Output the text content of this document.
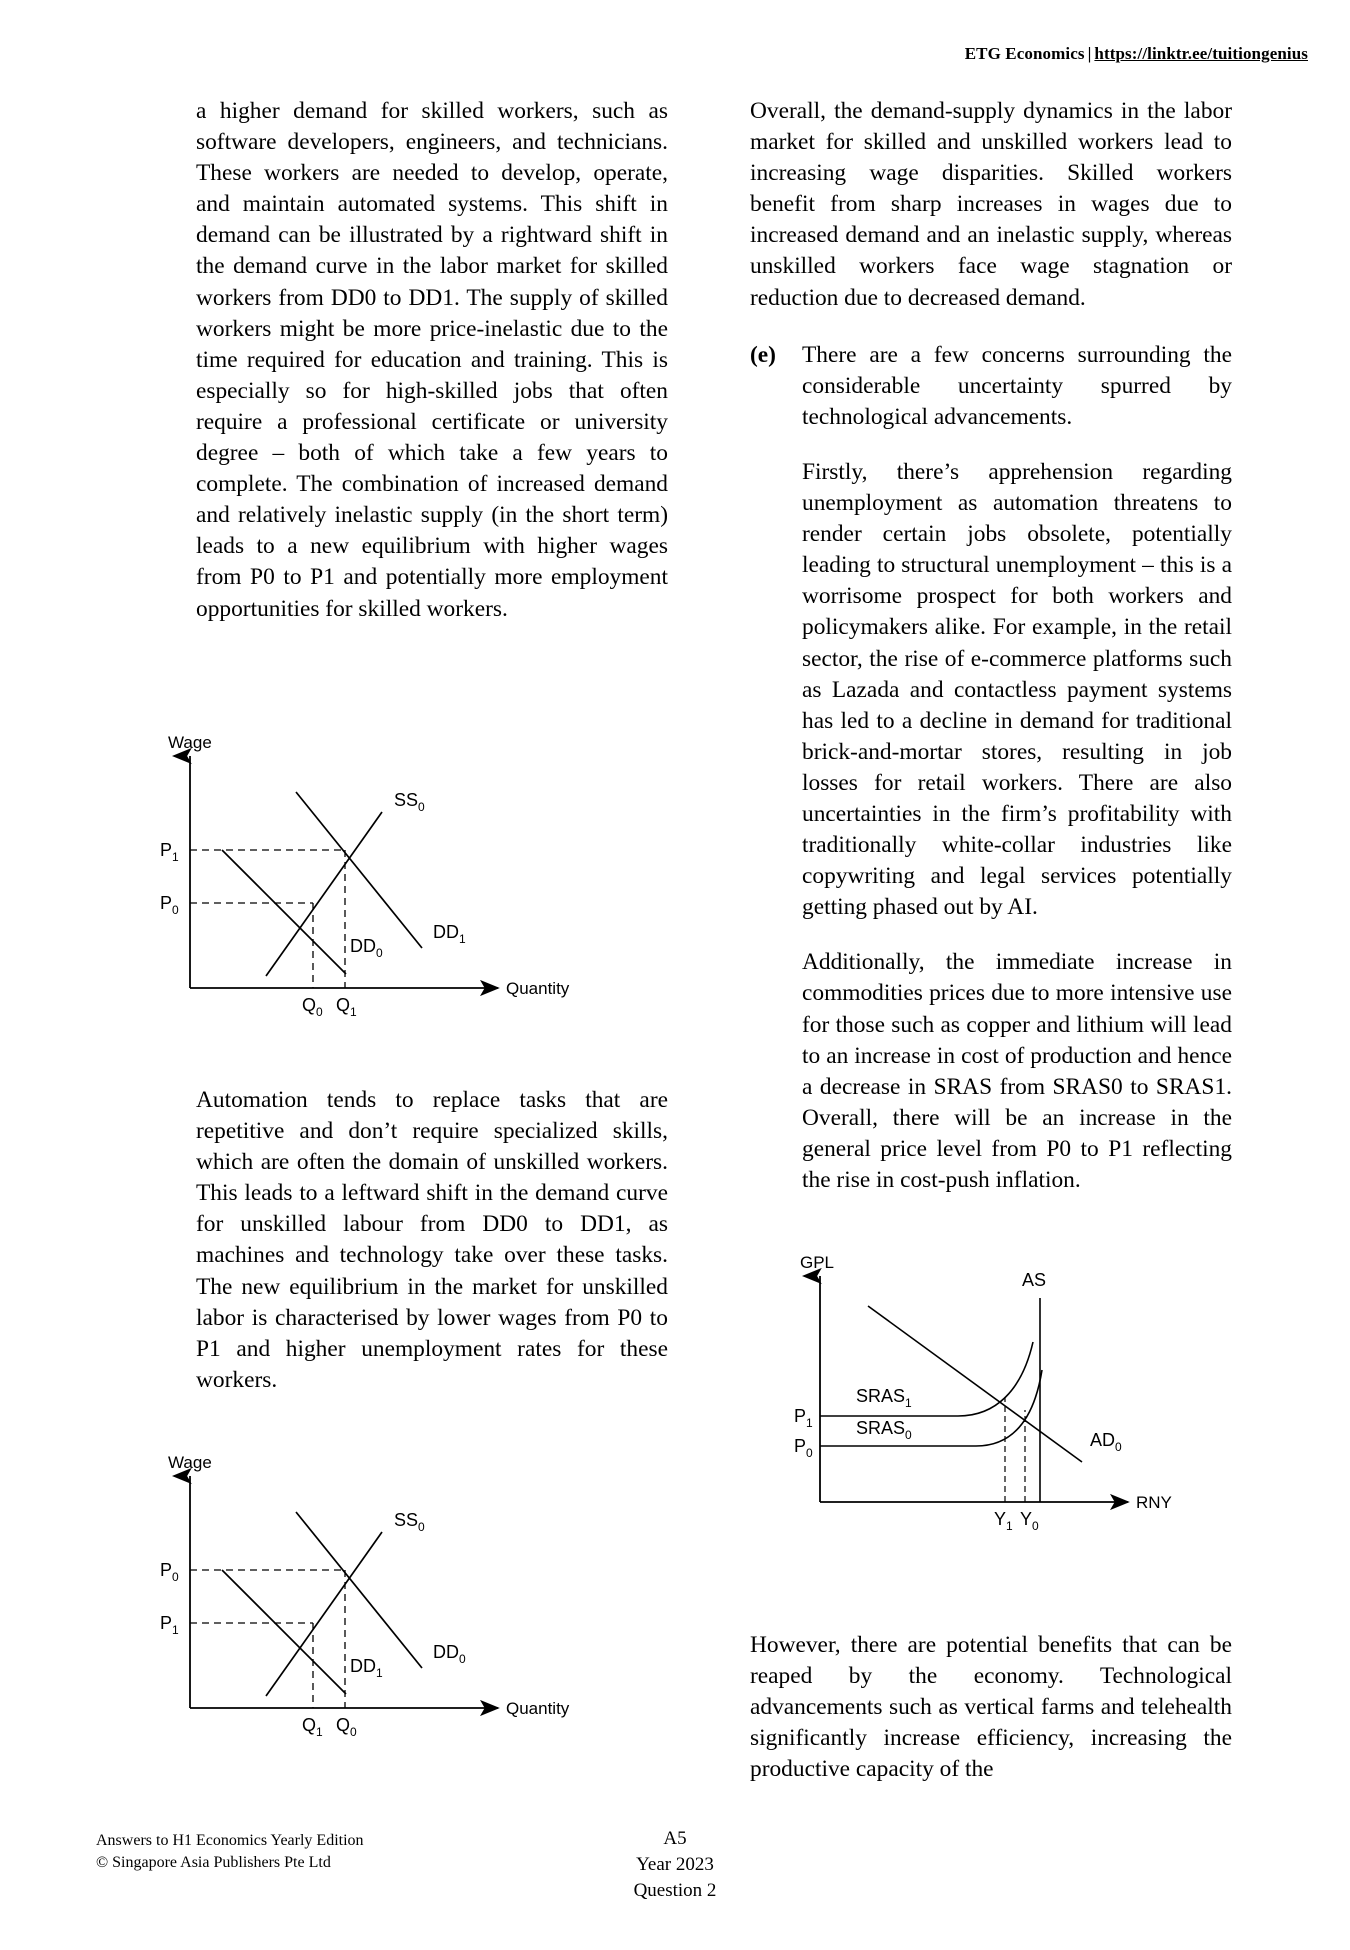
ETG Economics | https://linktr.ee/tuitiongenius

a higher demand for skilled workers, such as software developers, engineers, and technicians. These workers are needed to develop, operate, and maintain automated systems. This shift in demand can be illustrated by a rightward shift in the demand curve in the labor market for skilled workers from DD0 to DD1. The supply of skilled workers might be more price-inelastic due to the time required for education and training. This is especially so for high-skilled jobs that often require a professional certificate or university degree – both of which take a few years to complete. The combination of increased demand and relatively inelastic supply (in the short term) leads to a new equilibrium with higher wages from P0 to P1 and potentially more employment opportunities for skilled workers.

Wage
Quantity
$SS_0$
$DD_0$
$DD_1$
$P_1$
$P_0$
$Q_0$ $Q_1$

Automation tends to replace tasks that are repetitive and don’t require specialized skills, which are often the domain of unskilled workers. This leads to a leftward shift in the demand curve for unskilled labour from DD0 to DD1, as machines and technology take over these tasks. The new equilibrium in the market for unskilled labor is characterised by lower wages from P0 to P1 and higher unemployment rates for these workers.

Wage
Quantity
$SS_0$
$DD_1$
$DD_0$
$P_0$
$P_1$
$Q_1$ $Q_0$

Overall, the demand-supply dynamics in the labor market for skilled and unskilled workers lead to increasing wage disparities. Skilled workers benefit from sharp increases in wages due to increased demand and an inelastic supply, whereas unskilled workers face wage stagnation or reduction due to decreased demand.

(e) There are a few concerns surrounding the considerable uncertainty spurred by technological advancements.

Firstly, there’s apprehension regarding unemployment as automation threatens to render certain jobs obsolete, potentially leading to structural unemployment – this is a worrisome prospect for both workers and policymakers alike. For example, in the retail sector, the rise of e-commerce platforms such as Lazada and contactless payment systems has led to a decline in demand for traditional brick-and-mortar stores, resulting in job losses for retail workers. There are also uncertainties in the firm’s profitability with traditionally white-collar industries like copywriting and legal services potentially getting phased out by AI.

Additionally, the immediate increase in commodities prices due to more intensive use for those such as copper and lithium will lead to an increase in cost of production and hence a decrease in SRAS from SRAS0 to SRAS1. Overall, there will be an increase in the general price level from P0 to P1 reflecting the rise in cost-push inflation.

GPL
RNY
AS
$SRAS_1$
$SRAS_0$	$AD_0$
$P_1$
$P_0$
$Y_1$ $Y_0$

However, there are potential benefits that can be reaped by the economy. Technological advancements such as vertical farms and telehealth significantly increase efficiency, increasing the productive capacity of the

Answers to H1 Economics Yearly Edition
© Singapore Asia Publishers Pte Ltd
A5
Year 2023
Question 2
